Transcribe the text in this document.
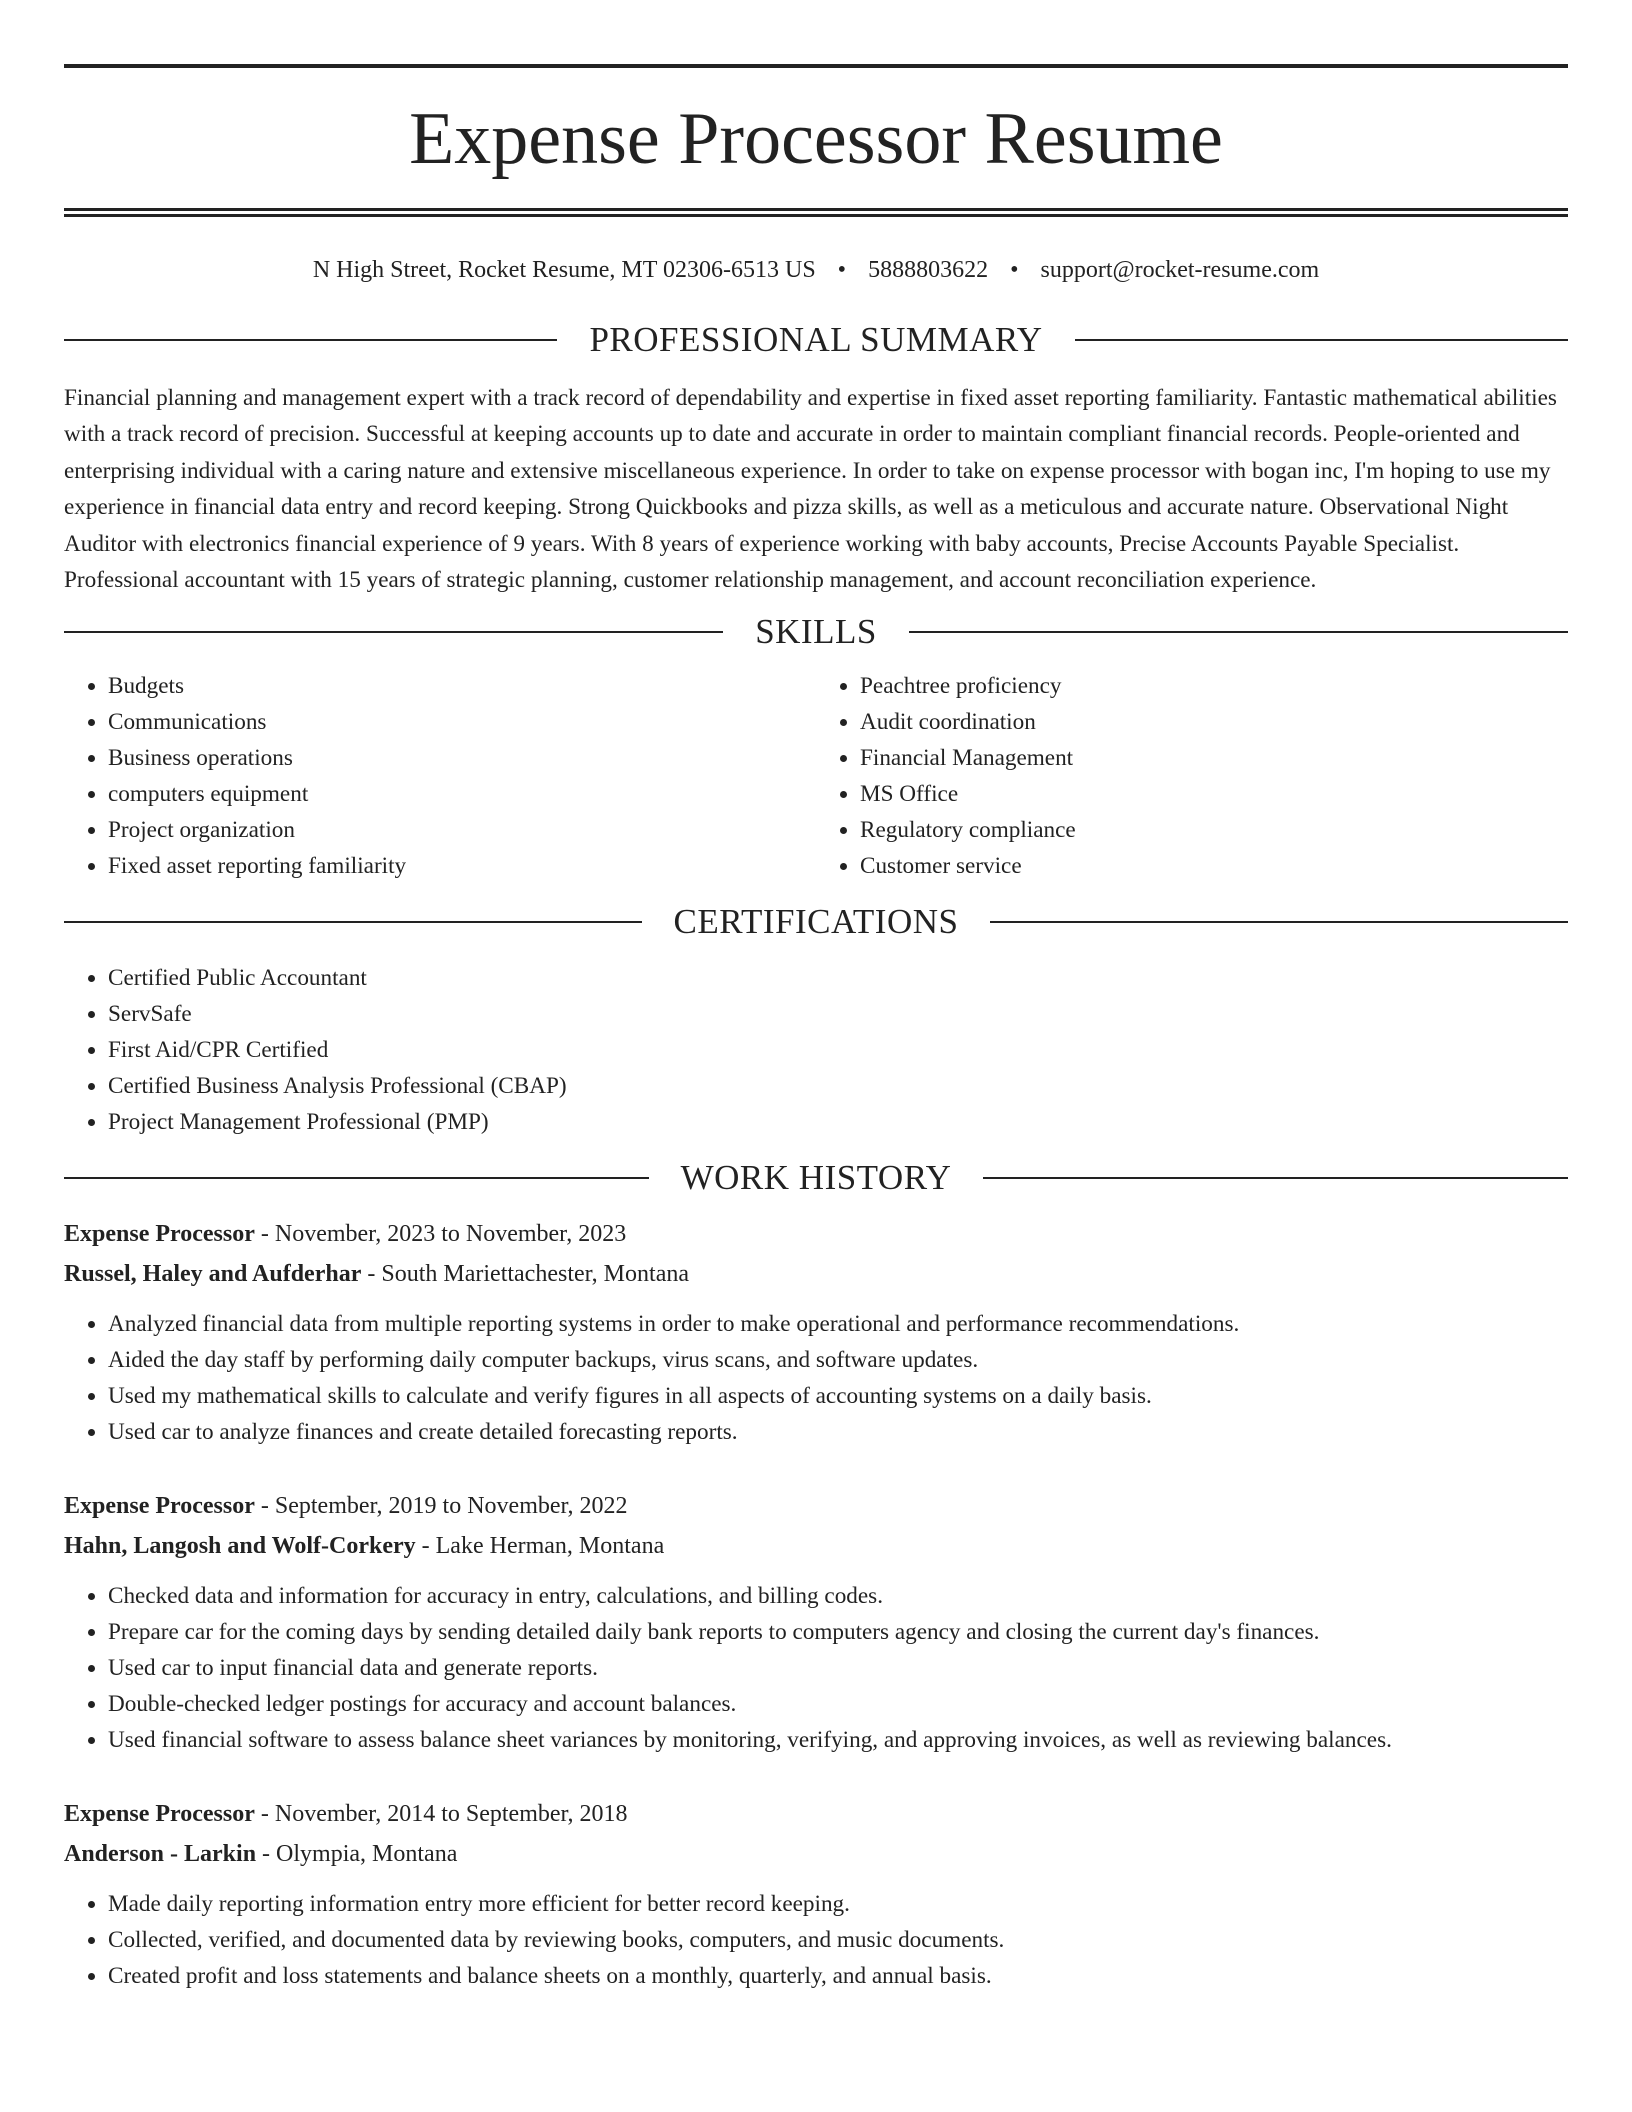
Expense Processor Resume
N High Street, Rocket Resume, MT 02306-6513 US • 5888803622 • support@rocket-resume.com
PROFESSIONAL SUMMARY

Financial planning and management expert with a track record of dependability and expertise in fixed asset reporting familiarity. Fantastic mathematical abilities with a track record of precision. Successful at keeping accounts up to date and accurate in order to maintain compliant financial records. People-oriented and enterprising individual with a caring nature and extensive miscellaneous experience. In order to take on expense processor with bogan inc, I'm hoping to use my experience in financial data entry and record keeping. Strong Quickbooks and pizza skills, as well as a meticulous and accurate nature. Observational Night Auditor with electronics financial experience of 9 years. With 8 years of experience working with baby accounts, Precise Accounts Payable Specialist. Professional accountant with 15 years of strategic planning, customer relationship management, and account reconciliation experience.

SKILLS
• Budgets
• Communications
• Business operations
• computers equipment
• Project organization
• Fixed asset reporting familiarity
• Peachtree proficiency
• Audit coordination
• Financial Management
• MS Office
• Regulatory compliance
• Customer service
CERTIFICATIONS
• Certified Public Accountant
• ServSafe
• First Aid/CPR Certified
• Certified Business Analysis Professional (CBAP)
• Project Management Professional (PMP)
WORK HISTORY
Expense Processor - November, 2023 to November, 2023
Russel, Haley and Aufderhar - South Mariettachester, Montana
• Analyzed financial data from multiple reporting systems in order to make operational and performance recommendations.
• Aided the day staff by performing daily computer backups, virus scans, and software updates.
• Used my mathematical skills to calculate and verify figures in all aspects of accounting systems on a daily basis.
• Used car to analyze finances and create detailed forecasting reports.
Expense Processor - September, 2019 to November, 2022
Hahn, Langosh and Wolf-Corkery - Lake Herman, Montana
• Checked data and information for accuracy in entry, calculations, and billing codes.
• Prepare car for the coming days by sending detailed daily bank reports to computers agency and closing the current day's finances.
• Used car to input financial data and generate reports.
• Double-checked ledger postings for accuracy and account balances.
• Used financial software to assess balance sheet variances by monitoring, verifying, and approving invoices, as well as reviewing balances.
Expense Processor - November, 2014 to September, 2018
Anderson - Larkin - Olympia, Montana
• Made daily reporting information entry more efficient for better record keeping.
• Collected, verified, and documented data by reviewing books, computers, and music documents.
• Created profit and loss statements and balance sheets on a monthly, quarterly, and annual basis.
